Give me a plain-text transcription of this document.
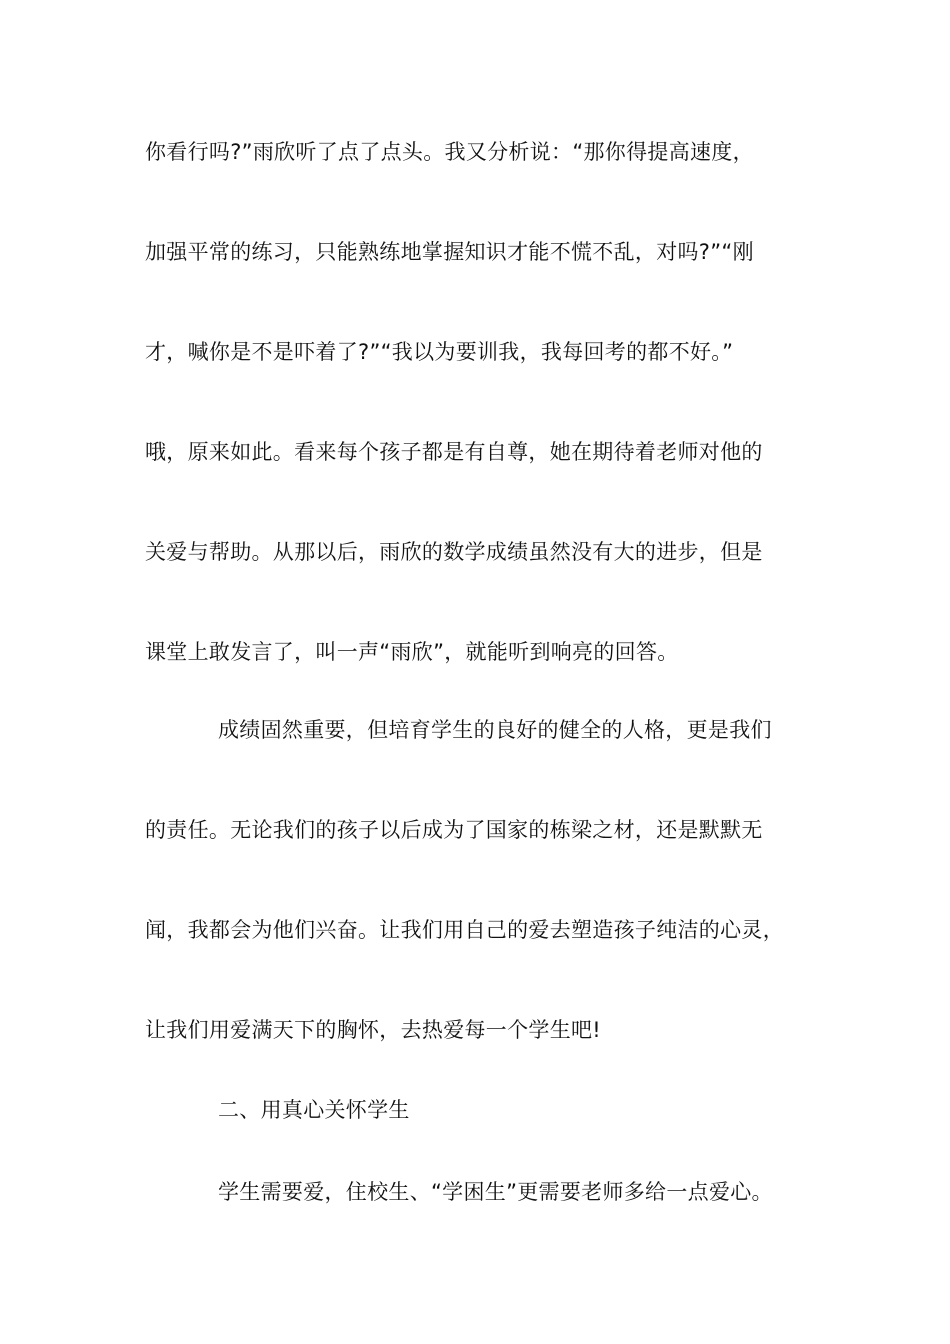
你看行吗?”雨欣听了点了点头。我又分析说：“那你得提高速度，
加强平常的练习，只能熟练地掌握知识才能不慌不乱，对吗?”“刚
才，喊你是不是吓着了?”“我以为要训我，我每回考的都不好。”
哦，原来如此。看来每个孩子都是有自尊，她在期待着老师对他的
关爱与帮助。从那以后，雨欣的数学成绩虽然没有大的进步，但是
课堂上敢发言了，叫一声“雨欣”，就能听到响亮的回答。
成绩固然重要，但培育学生的良好的健全的人格，更是我们
的责任。无论我们的孩子以后成为了国家的栋梁之材，还是默默无
闻，我都会为他们兴奋。让我们用自己的爱去塑造孩子纯洁的心灵，
让我们用爱满天下的胸怀，去热爱每一个学生吧!
二、用真心关怀学生
学生需要爱，住校生、“学困生”更需要老师多给一点爱心。
